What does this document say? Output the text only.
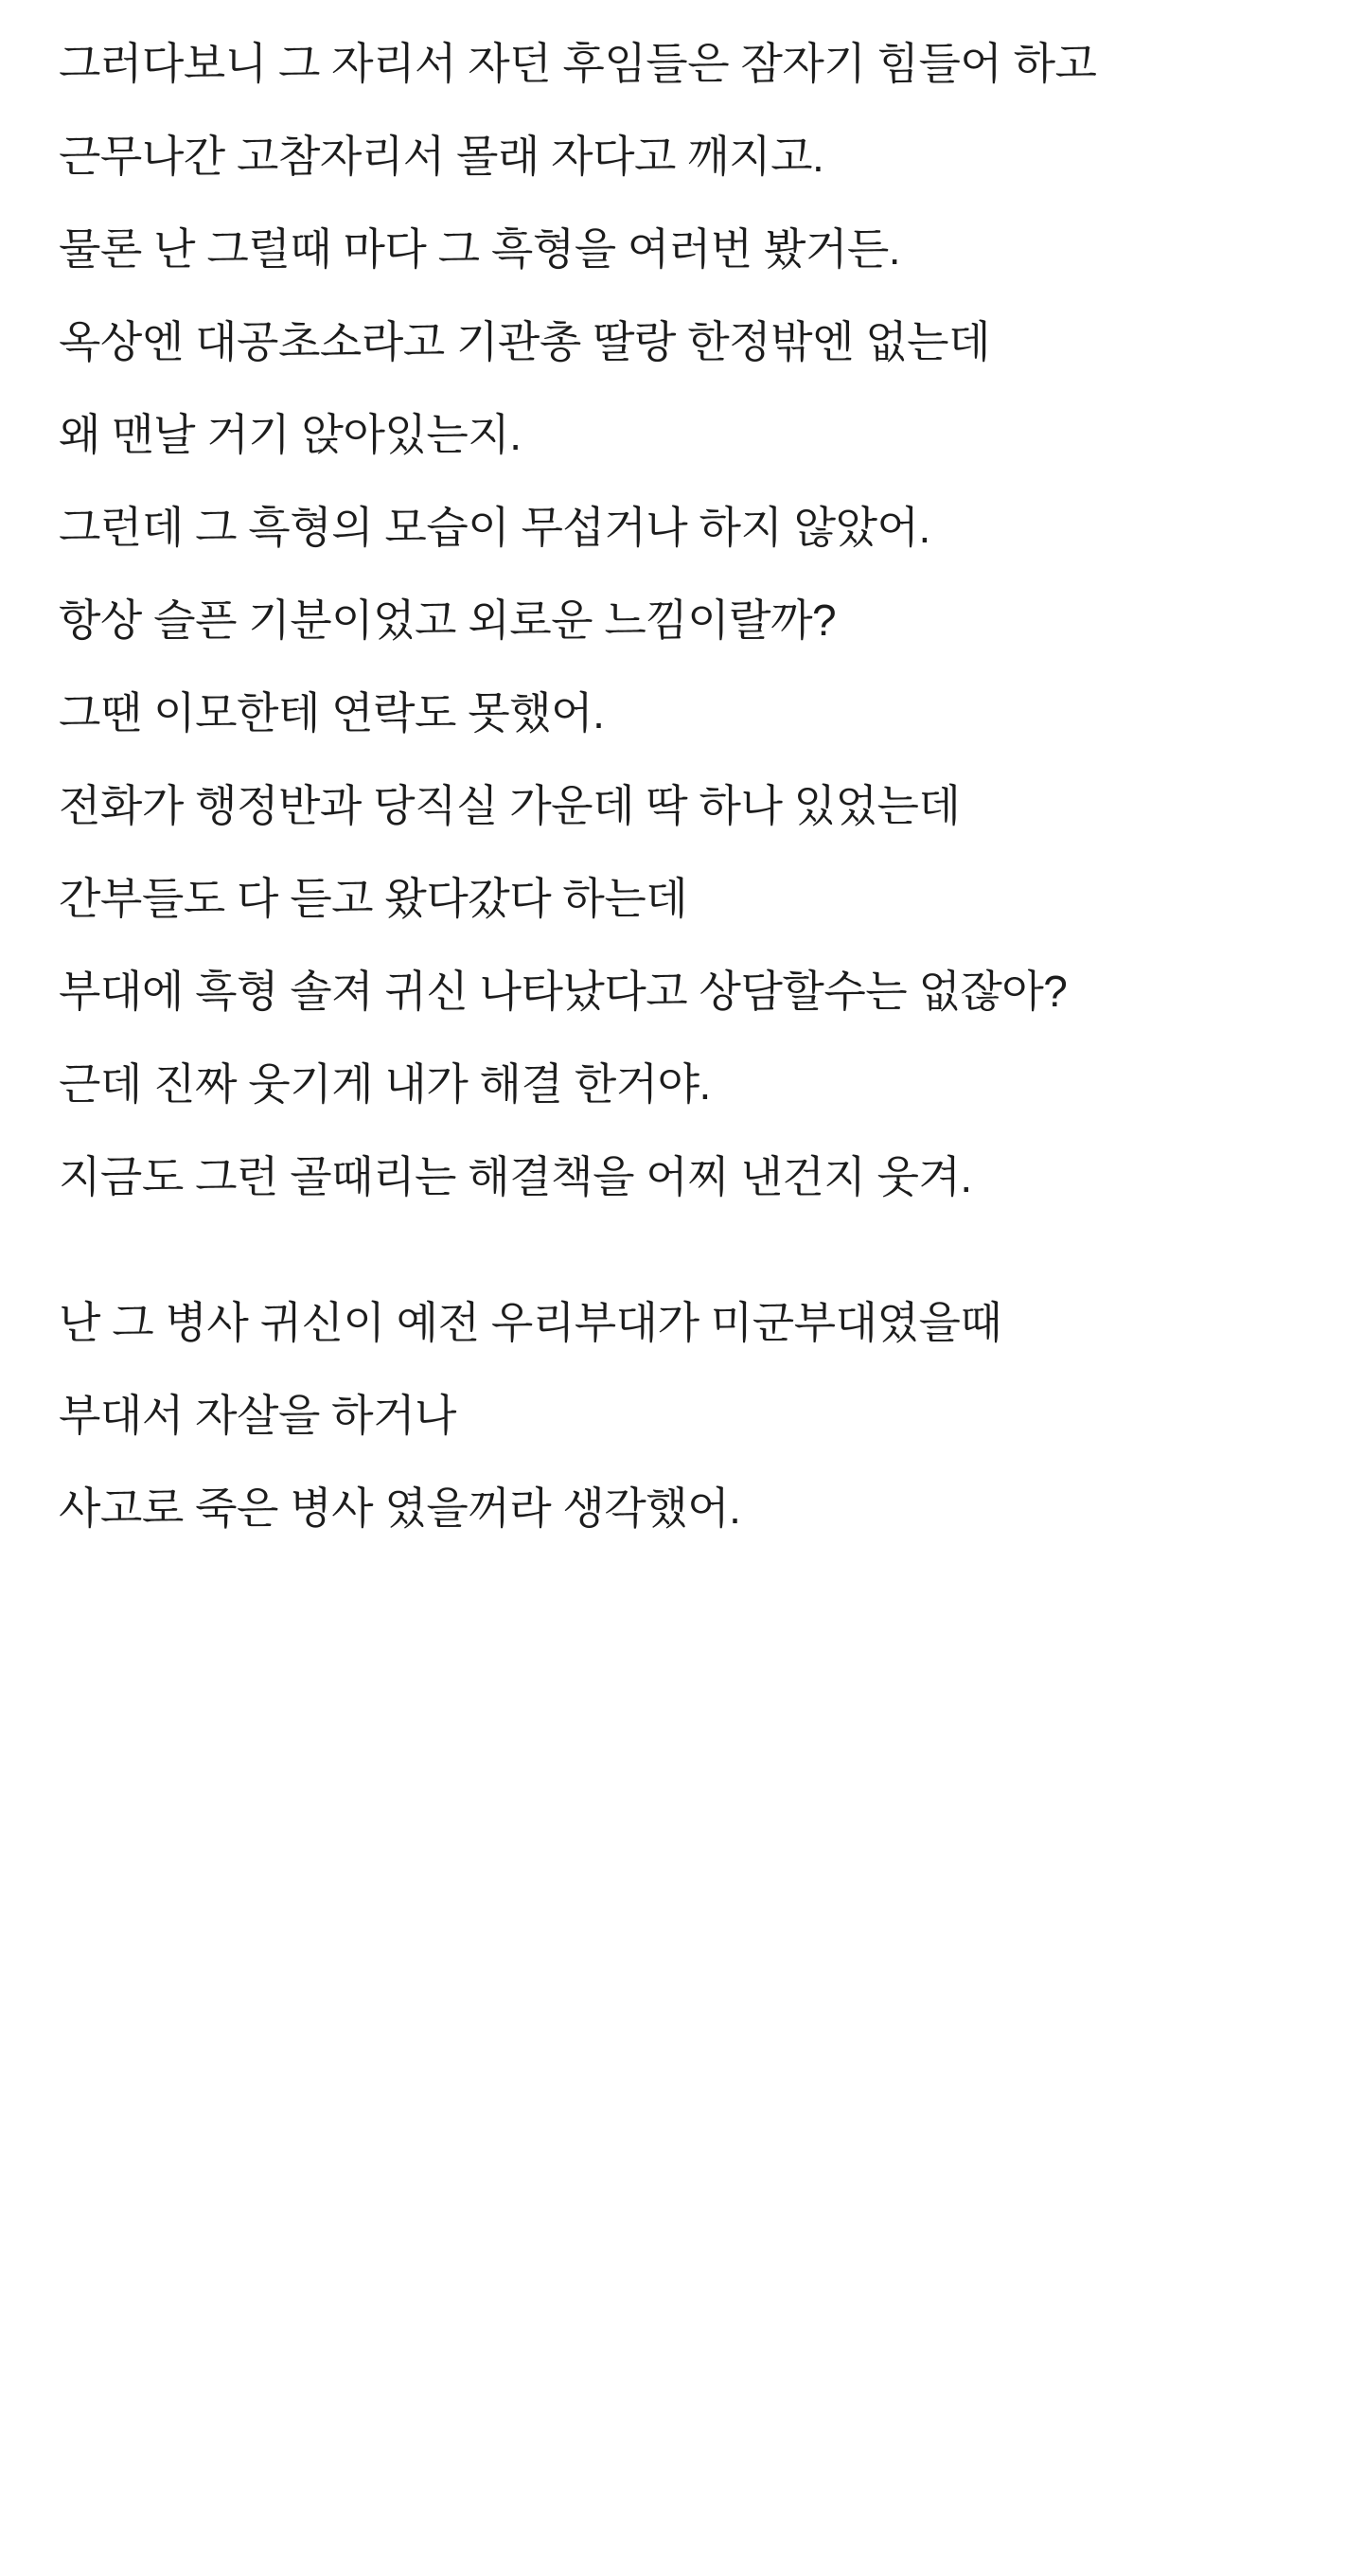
그러다보니 그 자리서 자던 후임들은 잠자기 힘들어 하고

근무나간 고참자리서 몰래 자다고 깨지고.

물론 난 그럴때 마다 그 흑형을 여러번 봤거든.

옥상엔 대공초소라고 기관총 딸랑 한정밖엔 없는데

왜 맨날 거기 앉아있는지.

그런데 그 흑형의 모습이 무섭거나 하지 않았어.

항상 슬픈 기분이었고 외로운 느낌이랄까?

그땐 이모한테 연락도 못했어.

전화가 행정반과 당직실 가운데 딱 하나 있었는데

간부들도 다 듣고 왔다갔다 하는데

부대에 흑형 솔져 귀신 나타났다고 상담할수는 없잖아?

근데 진짜 웃기게 내가 해결 한거야.

지금도 그런 골때리는 해결책을 어찌 낸건지 웃겨.

난 그 병사 귀신이 예전 우리부대가 미군부대였을때

부대서 자살을 하거나

사고로 죽은 병사 였을꺼라 생각했어.
